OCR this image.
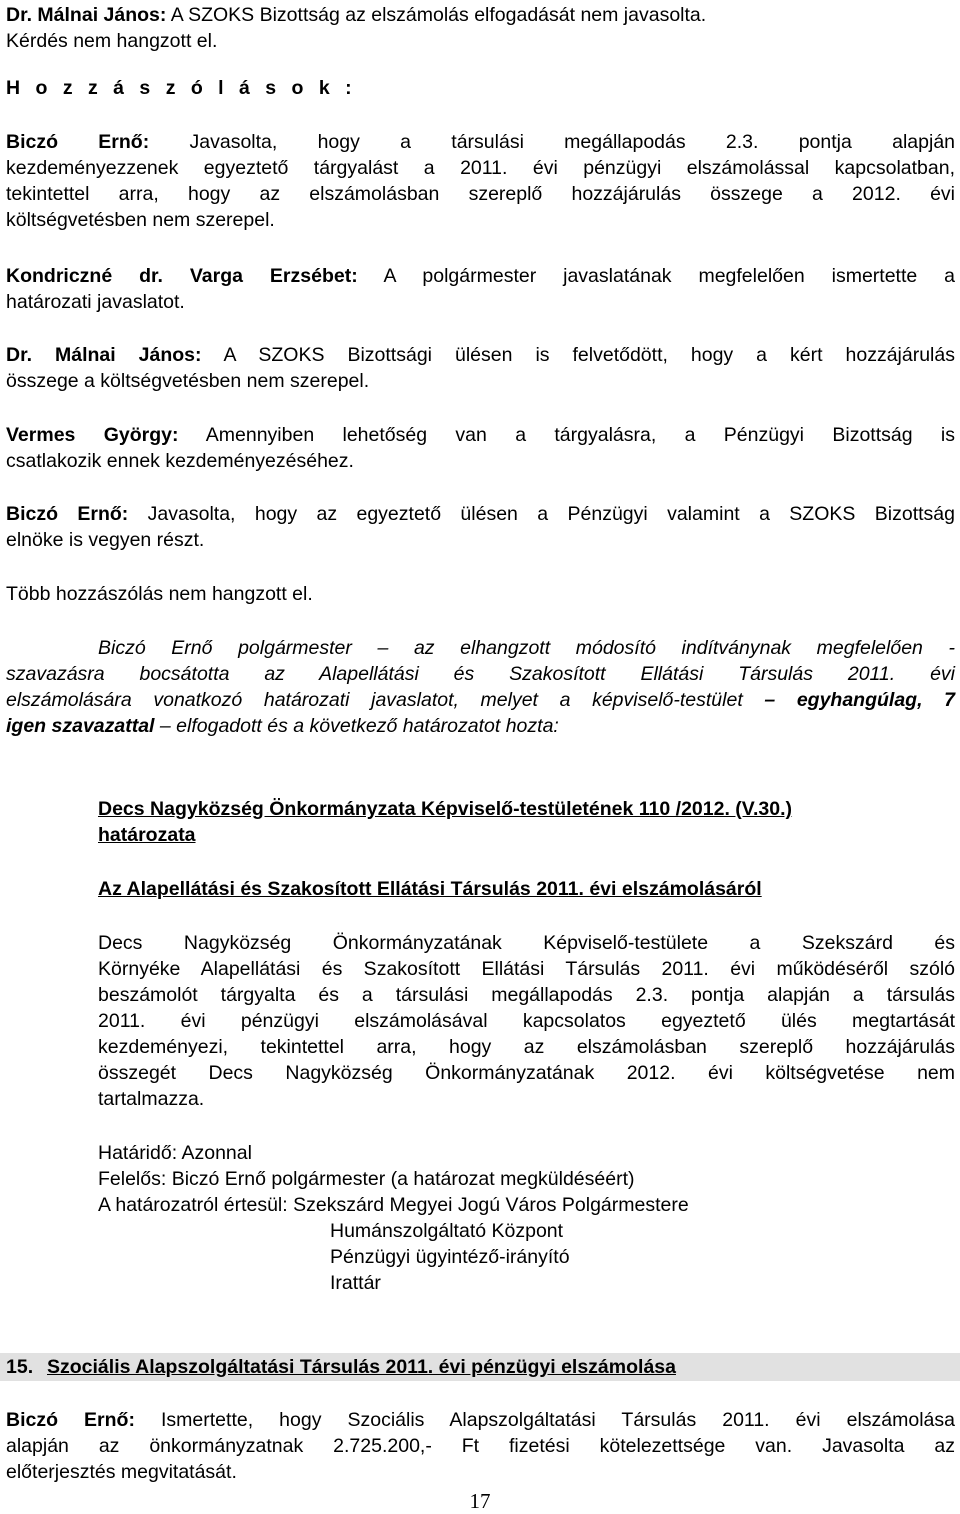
Dr. Málnai János: A SZOKS Bizottság az elszámolás elfogadását nem javasolta.

Kérdés nem hangzott el.

H o z z á s z ó l á s o k :

Biczó Ernő: Javasolta, hogy a társulási megállapodás 2.3. pontja alapján

kezdeményezzenek egyeztető tárgyalást a 2011. évi pénzügyi elszámolással kapcsolatban,

tekintettel arra, hogy az elszámolásban szereplő hozzájárulás összege a 2012. évi

költségvetésben nem szerepel.

Kondriczné dr. Varga Erzsébet: A polgármester javaslatának megfelelően ismertette a

határozati javaslatot.

Dr. Málnai János: A SZOKS Bizottsági ülésen is felvetődött, hogy a kért hozzájárulás

összege a költségvetésben nem szerepel.

Vermes György: Amennyiben lehetőség van a tárgyalásra, a Pénzügyi Bizottság is

csatlakozik ennek kezdeményezéséhez.

Biczó Ernő: Javasolta, hogy az egyeztető ülésen a Pénzügyi valamint a SZOKS Bizottság

elnöke is vegyen részt.

Több hozzászólás nem hangzott el.

Biczó Ernő polgármester – az elhangzott módosító indítványnak megfelelően -

szavazásra bocsátotta az Alapellátási és Szakosított Ellátási Társulás 2011. évi

elszámolására vonatkozó határozati javaslatot, melyet a képviselő-testület – egyhangúlag, 7

igen szavazattal – elfogadott és a következő határozatot hozta:

Decs Nagyközség Önkormányzata Képviselő-testületének 110 /2012. (V.30.)

határozata

Az Alapellátási és Szakosított Ellátási Társulás 2011. évi elszámolásáról

Decs Nagyközség Önkormányzatának Képviselő-testülete a Szekszárd és

Környéke Alapellátási és Szakosított Ellátási Társulás 2011. évi működéséről szóló

beszámolót tárgyalta és a társulási megállapodás 2.3. pontja alapján a társulás

2011. évi pénzügyi elszámolásával kapcsolatos egyeztető ülés megtartását

kezdeményezi, tekintettel arra, hogy az elszámolásban szereplő hozzájárulás

összegét Decs Nagyközség Önkormányzatának 2012. évi költségvetése nem

tartalmazza.

Határidő: Azonnal

Felelős: Biczó Ernő polgármester (a határozat megküldéséért)

A határozatról értesül: Szekszárd Megyei Jogú Város Polgármestere

Humánszolgáltató Központ
Pénzügyi ügyintéző-irányító
Irattár
15. Szociális Alapszolgáltatási Társulás 2011. évi pénzügyi elszámolása

Biczó Ernő: Ismertette, hogy Szociális Alapszolgáltatási Társulás 2011. évi elszámolása

alapján az önkormányzatnak 2.725.200,- Ft fizetési kötelezettsége van. Javasolta az

előterjesztés megvitatását.

17
